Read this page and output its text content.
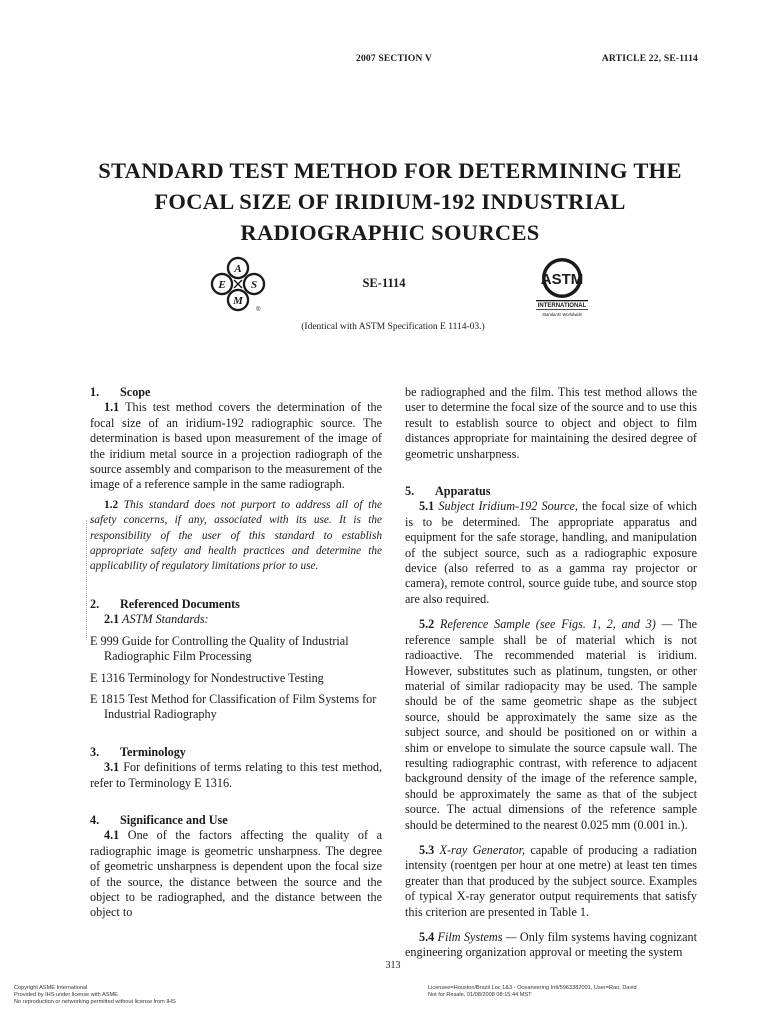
2007 SECTION V	ARTICLE 22, SE-1114
STANDARD TEST METHOD FOR DETERMINING THE FOCAL SIZE OF IRIDIUM-192 INDUSTRIAL RADIOGRAPHIC SOURCES
A
E S
M
®
SE-1114	ASTM
INTERNATIONAL
Standards Worldwide
(Identical with ASTM Specification E 1114-03.)

1. Scope

1.1 This test method covers the determination of the focal size of an iridium-192 radiographic source. The determination is based upon measurement of the image of the iridium metal source in a projection radiograph of the source assembly and comparison to the measurement of the image of a reference sample in the same radiograph.

1.2 This standard does not purport to address all of the safety concerns, if any, associated with its use. It is the responsibility of the user of this standard to establish appropriate safety and health practices and determine the applicability of regulatory limitations prior to use.

2. Referenced Documents

2.1 ASTM Standards:

E 999 Guide for Controlling the Quality of Industrial Radiographic Film Processing

E 1316 Terminology for Nondestructive Testing

E 1815 Test Method for Classification of Film Systems for Industrial Radiography

3. Terminology

3.1 For definitions of terms relating to this test method, refer to Terminology E 1316.

4. Significance and Use

4.1 One of the factors affecting the quality of a radiographic image is geometric unsharpness. The degree of geometric unsharpness is dependent upon the focal size of the source, the distance between the source and the object to be radiographed, and the distance between the object to

be radiographed and the film. This test method allows the user to determine the focal size of the source and to use this result to establish source to object and object to film distances appropriate for maintaining the desired degree of geometric unsharpness.

5. Apparatus

5.1 Subject Iridium-192 Source, the focal size of which is to be determined. The appropriate apparatus and equipment for the safe storage, handling, and manipulation of the subject source, such as a radiographic exposure device (also referred to as a gamma ray projector or camera), remote control, source guide tube, and source stop are also required.

5.2 Reference Sample (see Figs. 1, 2, and 3) — The reference sample shall be of material which is not radioactive. The recommended material is iridium. However, substitutes such as platinum, tungsten, or other material of similar radiopacity may be used. The sample should be of the same geometric shape as the subject source, should be approximately the same size as the subject source, and should be positioned on or within a shim or envelope to simulate the source capsule wall. The resulting radiographic contrast, with reference to adjacent background density of the image of the reference sample, should be approximately the same as that of the subject source. The actual dimensions of the reference sample should be determined to the nearest 0.025 mm (0.001 in.).

5.3 X-ray Generator, capable of producing a radiation intensity (roentgen per hour at one metre) at least ten times greater than that produced by the subject source. Examples of typical X-ray generator output requirements that satisfy this criterion are presented in Table 1.

5.4 Film Systems — Only film systems having cognizant engineering organization approval or meeting the system

313
Copyright ASME International
Provided by IHS under license with ASME
No reproduction or networking permitted without license from IHS
Licensee=Houston/Brazil Loc 1&3 - Oceaneering Intl/5963382001, User=Rao, David
Not for Resale, 01/08/2008 08:15:44 MST
